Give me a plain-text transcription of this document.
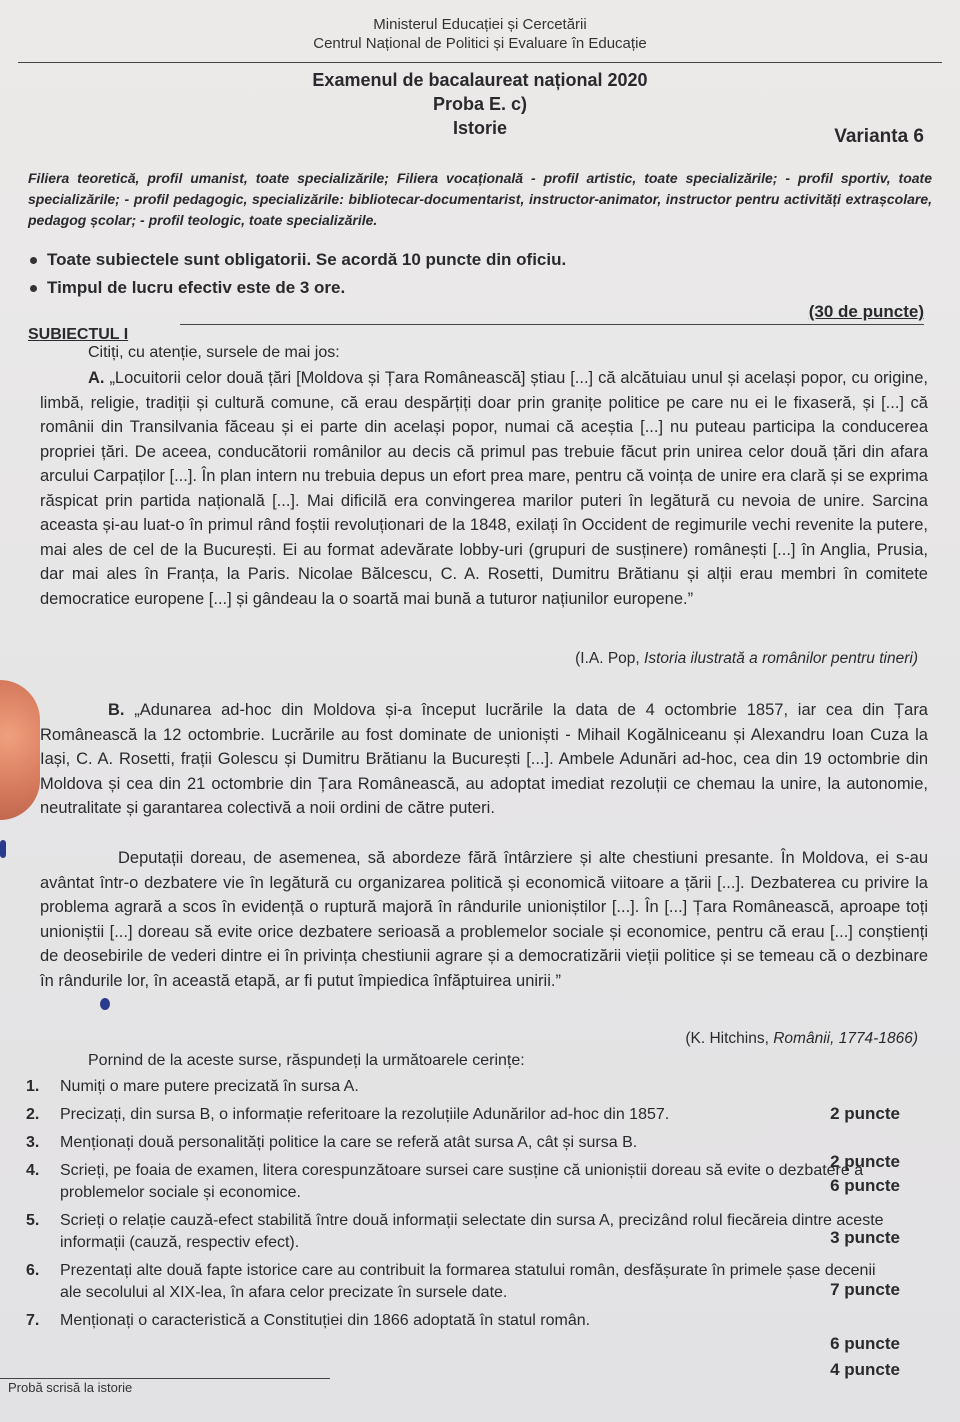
Ministerul Educației și Cercetării
Centrul Național de Politici și Evaluare în Educație
Examenul de bacalaureat național 2020
Proba E. c)
Istorie	Varianta 6
Filiera teoretică, profil umanist, toate specializările; Filiera vocațională - profil artistic, toate specializările; - profil sportiv, toate specializările; - profil pedagogic, specializările: bibliotecar-documentarist, instructor-animator, instructor pentru activități extrașcolare, pedagog școlar; - profil teologic, toate specializările.
Toate subiectele sunt obligatorii. Se acordă 10 puncte din oficiu.
Timpul de lucru efectiv este de 3 ore.
(30 de puncte)
SUBIECTUL I
Citiți, cu atenție, sursele de mai jos:
A. „Locuitorii celor două țări [Moldova și Țara Românească] știau [...] că alcătuiau unul și același popor, cu origine, limbă, religie, tradiții și cultură comune, că erau despărțiți doar prin granițe politice pe care nu ei le fixaseră, și [...] că românii din Transilvania făceau și ei parte din același popor, numai că aceștia [...] nu puteau participa la conducerea propriei țări. De aceea, conducătorii românilor au decis că primul pas trebuie făcut prin unirea celor două țări din afara arcului Carpaților [...]. În plan intern nu trebuia depus un efort prea mare, pentru că voința de unire era clară și se exprima răspicat prin partida națională [...]. Mai dificilă era convingerea marilor puteri în legătură cu nevoia de unire. Sarcina aceasta și-au luat-o în primul rând foștii revoluționari de la 1848, exilați în Occident de regimurile vechi revenite la putere, mai ales de cel de la București. Ei au format adevărate lobby-uri (grupuri de susținere) românești [...] în Anglia, Prusia, dar mai ales în Franța, la Paris. Nicolae Bălcescu, C. A. Rosetti, Dumitru Brătianu și alții erau membri în comitete democratice europene [...] și gândeau la o soartă mai bună a tuturor națiunilor europene.”
(I.A. Pop, Istoria ilustrată a românilor pentru tineri)
B. „Adunarea ad-hoc din Moldova și-a început lucrările la data de 4 octombrie 1857, iar cea din Țara Românească la 12 octombrie. Lucrările au fost dominate de unioniști - Mihail Kogălniceanu și Alexandru Ioan Cuza la Iași, C. A. Rosetti, frații Golescu și Dumitru Brătianu la București [...]. Ambele Adunări ad-hoc, cea din 19 octombrie din Moldova și cea din 21 octombrie din Țara Românească, au adoptat imediat rezoluții ce chemau la unire, la autonomie, neutralitate și garantarea colectivă a noii ordini de către puteri.
Deputații doreau, de asemenea, să abordeze fără întârziere și alte chestiuni presante. În Moldova, ei s-au avântat într-o dezbatere vie în legătură cu organizarea politică și economică viitoare a țării [...]. Dezbaterea cu privire la problema agrară a scos în evidență o ruptură majoră în rândurile unioniștilor [...]. În [...] Țara Românească, aproape toți unioniștii [...] doreau să evite orice dezbatere serioasă a problemelor sociale și economice, pentru că erau [...] conștienți de deosebirile de vederi dintre ei în privința chestiunii agrare și a democratizării vieții politice și se temeau că o dezbinare în rândurile lor, în această etapă, ar fi putut împiedica înfăptuirea unirii.”
(K. Hitchins, Românii, 1774-1866)
Pornind de la aceste surse, răspundeți la următoarele cerințe:
1. Numiți o mare putere precizată în sursa A.
2. Precizați, din sursa B, o informație referitoare la rezoluțiile Adunărilor ad-hoc din 1857.
3. Menționați două personalități politice la care se referă atât sursa A, cât și sursa B.
4. Scrieți, pe foaia de examen, litera corespunzătoare sursei care susține că unioniștii doreau să evite o dezbatere a problemelor sociale și economice.
5. Scrieți o relație cauză-efect stabilită între două informații selectate din sursa A, precizând rolul fiecăreia dintre aceste informații (cauză, respectiv efect).
6. Prezentați alte două fapte istorice care au contribuit la formarea statului român, desfășurate în primele șase decenii ale secolului al XIX-lea, în afara celor precizate în sursele date.
7. Menționați o caracteristică a Constituției din 1866 adoptată în statul român.
2 puncte
2 puncte
6 puncte
3 puncte
7 puncte
6 puncte
4 puncte
Probă scrisă la istorie
